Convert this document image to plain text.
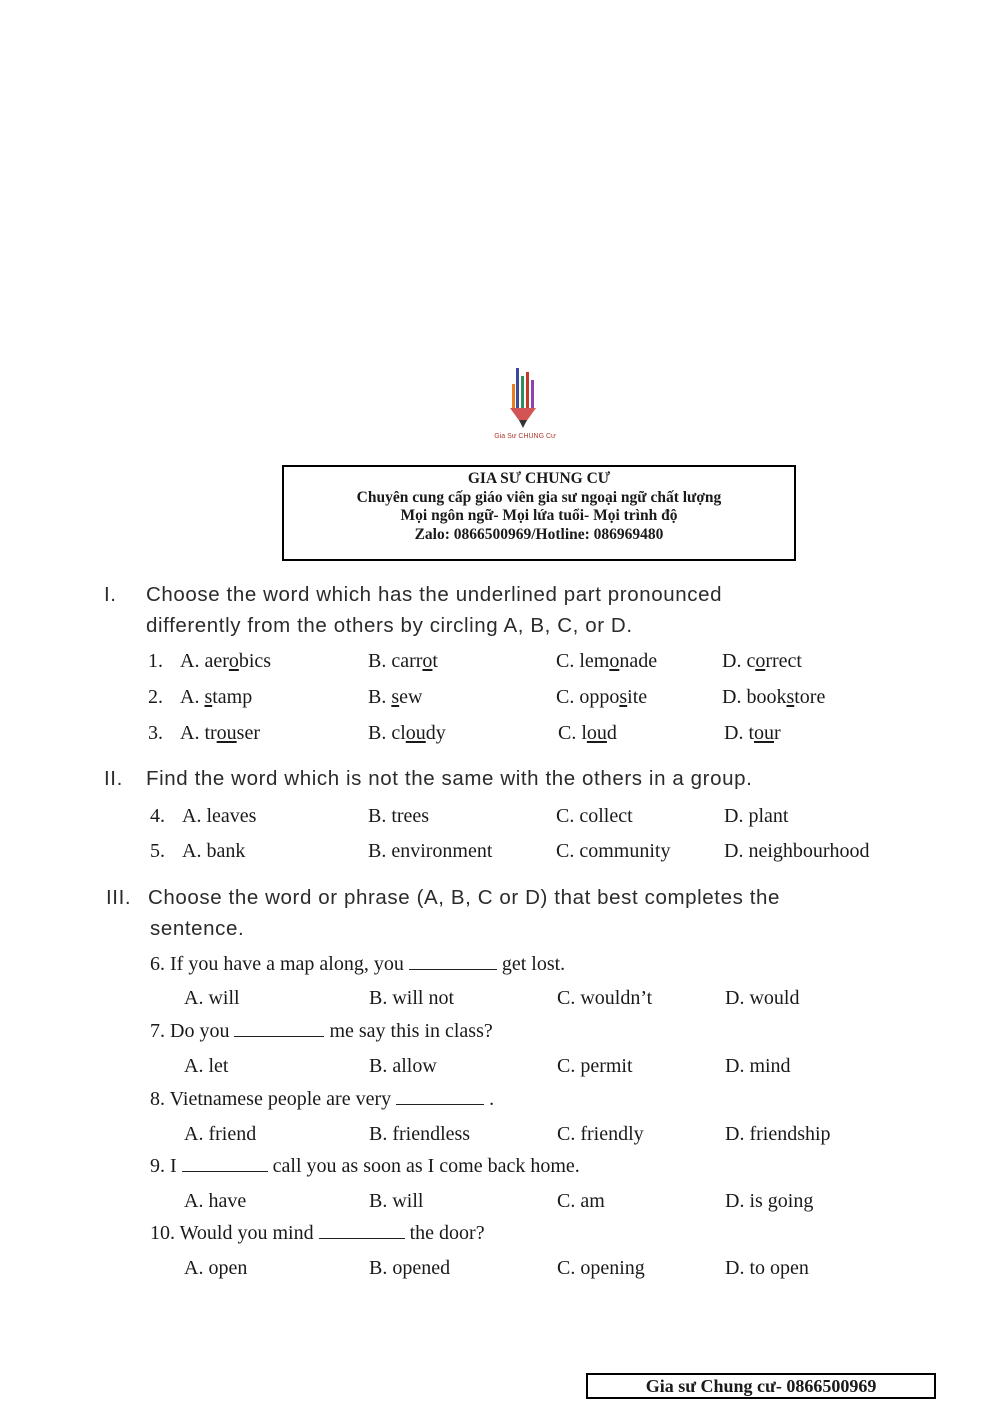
Gia Sư CHUNG Cư
GIA SƯ CHUNG CƯ
Chuyên cung cấp giáo viên gia sư ngoại ngữ chất lượng
Mọi ngôn ngữ- Mọi lứa tuổi- Mọi trình độ
Zalo: 0866500969/Hotline: 086969480
I. Choose the word which has the underlined part pronounced
differently from the others by circling A, B, C, or D.
1. A. aerobics	B. carrot	C. lemonade	D. correct
2. A. stamp	B. sew	C. opposite	D. bookstore
3. A. trouser	B. cloudy	C. loud	D. tour
II. Find the word which is not the same with the others in a group.
4. A. leaves	B. trees	C. collect	D. plant
5. A. bank	B. environment	C. community	D. neighbourhood
III. Choose the word or phrase (A, B, C or D) that best completes the
sentence.
6. If you have a map along, you	get lost.
A. will	B. will not	C. wouldn’t	D. would
7. Do you	me say this in class?
A. let	B. allow	C. permit	D. mind
8. Vietnamese people are very	.
A. friend	B. friendless	C. friendly	D. friendship
9. I	call you as soon as I come back home.
A. have	B. will	C. am	D. is going
10. Would you mind	the door?
A. open	B. opened	C. opening	D. to open
Gia sư Chung cư- 0866500969
